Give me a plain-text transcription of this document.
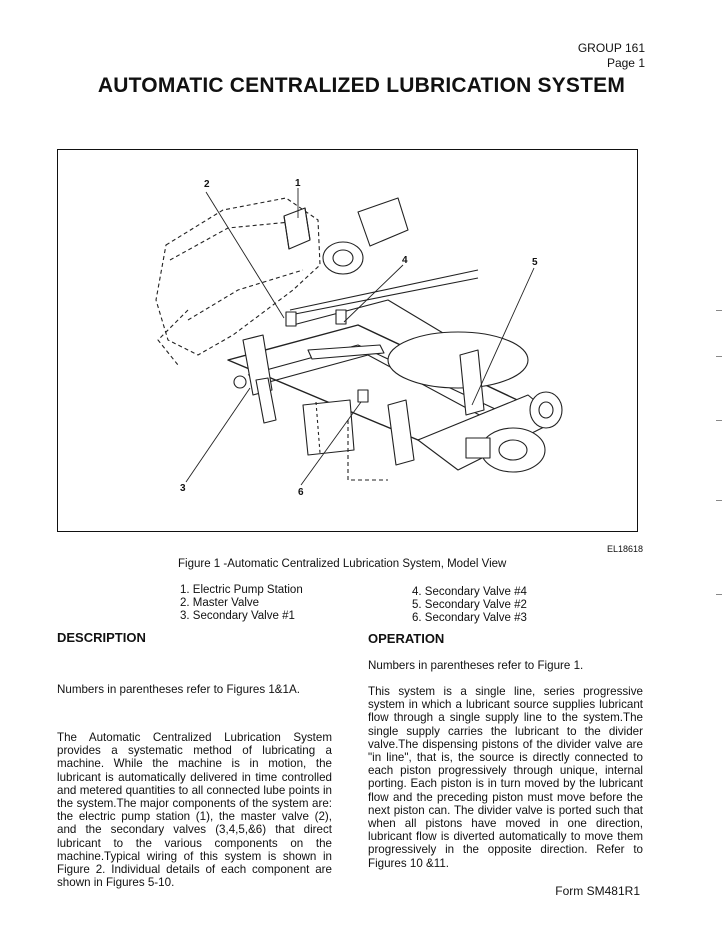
GROUP 161
Page 1
AUTOMATIC CENTRALIZED LUBRICATION SYSTEM
2	1
4	5
3	6
EL18618
Figure 1 -Automatic Centralized Lubrication System, Model View
1. Electric Pump Station
2. Master Valve
3. Secondary Valve #1
4. Secondary Valve #4
5. Secondary Valve #2
6. Secondary Valve #3
DESCRIPTION	OPERATION
Numbers in parentheses refer to Figures 1&1A.
The Automatic Centralized Lubrication System provides a systematic method of lubricating a machine. While the machine is in motion, the lubricant is automatically delivered in time controlled and metered quantities to all connected lube points in the system.The major components of the system are: the electric pump station (1), the master valve (2), and the secondary valves (3,4,5,&6) that direct lubricant to the various components on the machine.Typical wiring of this system is shown in Figure 2. Individual details of each component are shown in Figures 5-10.
Numbers in parentheses refer to Figure 1.
This system is a single line, series progressive system in which a lubricant source supplies lubricant flow through a single supply line to the system.The single supply carries the lubricant to the divider valve.The dispensing pistons of the divider valve are "in line", that is, the source is directly connected to each piston progressively through unique, internal porting. Each piston is in turn moved by the lubricant flow and the preceding piston must move before the next piston can. The divider valve is ported such that when all pistons have moved in one direction, lubricant flow is diverted automatically to move them progressively in the opposite direction. Refer to Figures 10 &11.
Form SM481R1
